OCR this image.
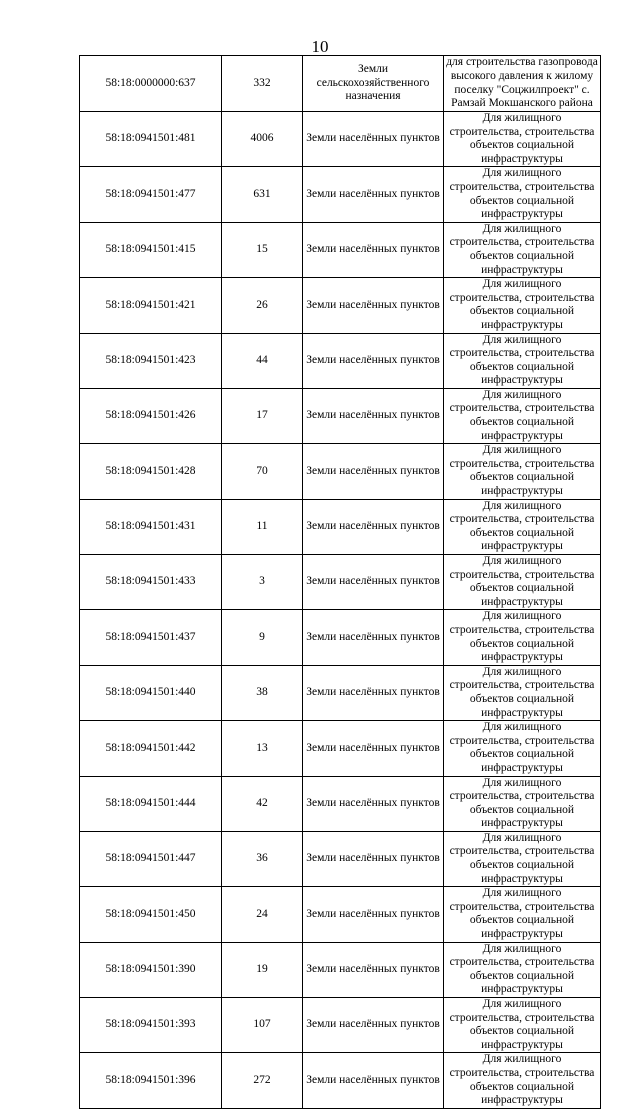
10
58:18:0000000:637	332	Земли сельскохозяйственного назначения	для строительства газопровода высокого давления к жилому поселку "Соцжилпроект" с. Рамзай Мокшанского района
58:18:0941501:481	4006	Земли населённых пунктов	Для жилищного строительства, строительства объектов социальной инфраструктуры
58:18:0941501:477	631	Земли населённых пунктов	Для жилищного строительства, строительства объектов социальной инфраструктуры
58:18:0941501:415	15	Земли населённых пунктов	Для жилищного строительства, строительства объектов социальной инфраструктуры
58:18:0941501:421	26	Земли населённых пунктов	Для жилищного строительства, строительства объектов социальной инфраструктуры
58:18:0941501:423	44	Земли населённых пунктов	Для жилищного строительства, строительства объектов социальной инфраструктуры
58:18:0941501:426	17	Земли населённых пунктов	Для жилищного строительства, строительства объектов социальной инфраструктуры
58:18:0941501:428	70	Земли населённых пунктов	Для жилищного строительства, строительства объектов социальной инфраструктуры
58:18:0941501:431	11	Земли населённых пунктов	Для жилищного строительства, строительства объектов социальной инфраструктуры
58:18:0941501:433	3	Земли населённых пунктов	Для жилищного строительства, строительства объектов социальной инфраструктуры
58:18:0941501:437	9	Земли населённых пунктов	Для жилищного строительства, строительства объектов социальной инфраструктуры
58:18:0941501:440	38	Земли населённых пунктов	Для жилищного строительства, строительства объектов социальной инфраструктуры
58:18:0941501:442	13	Земли населённых пунктов	Для жилищного строительства, строительства объектов социальной инфраструктуры
58:18:0941501:444	42	Земли населённых пунктов	Для жилищного строительства, строительства объектов социальной инфраструктуры
58:18:0941501:447	36	Земли населённых пунктов	Для жилищного строительства, строительства объектов социальной инфраструктуры
58:18:0941501:450	24	Земли населённых пунктов	Для жилищного строительства, строительства объектов социальной инфраструктуры
58:18:0941501:390	19	Земли населённых пунктов	Для жилищного строительства, строительства объектов социальной инфраструктуры
58:18:0941501:393	107	Земли населённых пунктов	Для жилищного строительства, строительства объектов социальной инфраструктуры
58:18:0941501:396	272	Земли населённых пунктов	Для жилищного строительства, строительства объектов социальной инфраструктуры
